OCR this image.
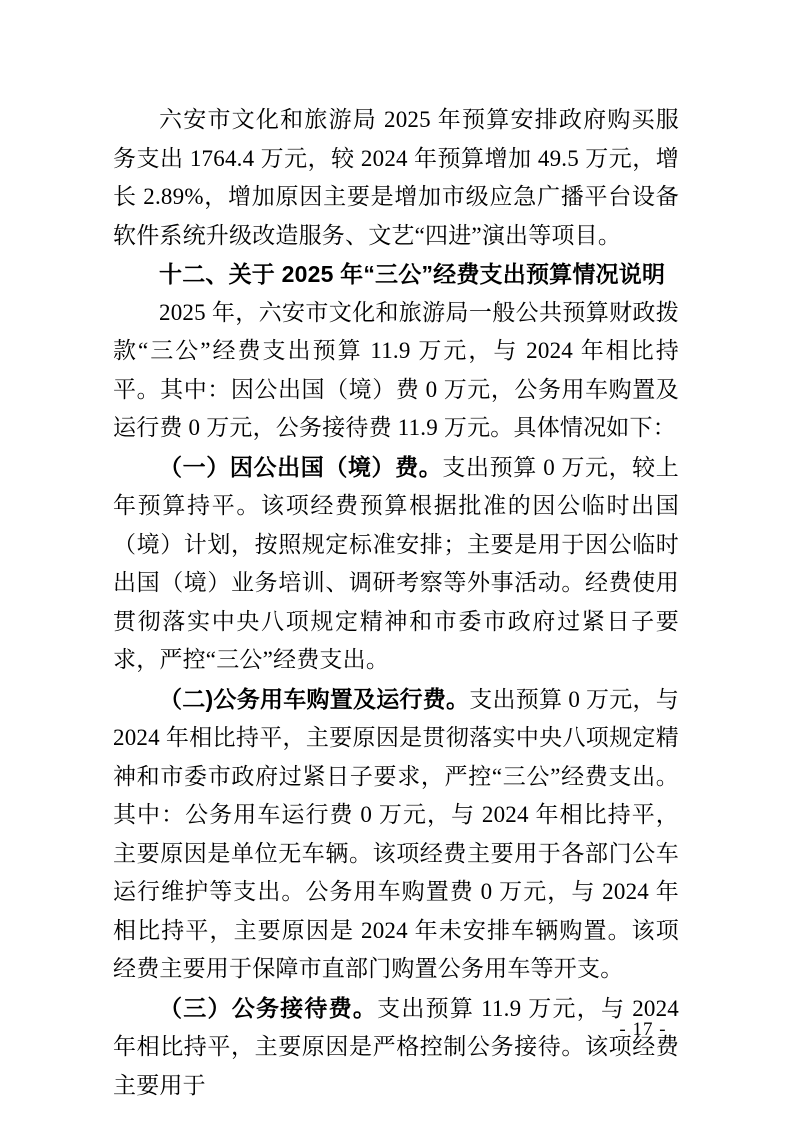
六安市文化和旅游局 2025 年预算安排政府购买服务支出 1764.4 万元，较 2024 年预算增加 49.5 万元，增长 2.89%，增加原因主要是增加市级应急广播平台设备软件系统升级改造服务、文艺“四进”演出等项目。

十二、关于 2025 年“三公”经费支出预算情况说明

2025 年，六安市文化和旅游局一般公共预算财政拨款“三公”经费支出预算 11.9 万元，与 2024 年相比持平。其中：因公出国（境）费 0 万元，公务用车购置及运行费 0 万元，公务接待费 11.9 万元。具体情况如下：

（一）因公出国（境）费。支出预算 0 万元，较上年预算持平。该项经费预算根据批准的因公临时出国（境）计划，按照规定标准安排；主要是用于因公临时出国（境）业务培训、调研考察等外事活动。经费使用贯彻落实中央八项规定精神和市委市政府过紧日子要求，严控“三公”经费支出。

（二)公务用车购置及运行费。支出预算 0 万元，与 2024 年相比持平，主要原因是贯彻落实中央八项规定精神和市委市政府过紧日子要求，严控“三公”经费支出。其中：公务用车运行费 0 万元，与 2024 年相比持平，主要原因是单位无车辆。该项经费主要用于各部门公车运行维护等支出。公务用车购置费 0 万元，与 2024 年相比持平，主要原因是 2024 年未安排车辆购置。该项经费主要用于保障市直部门购置公务用车等开支。

（三）公务接待费。支出预算 11.9 万元，与 2024 年相比持平，主要原因是严格控制公务接待。该项经费主要用于

- 17 -
